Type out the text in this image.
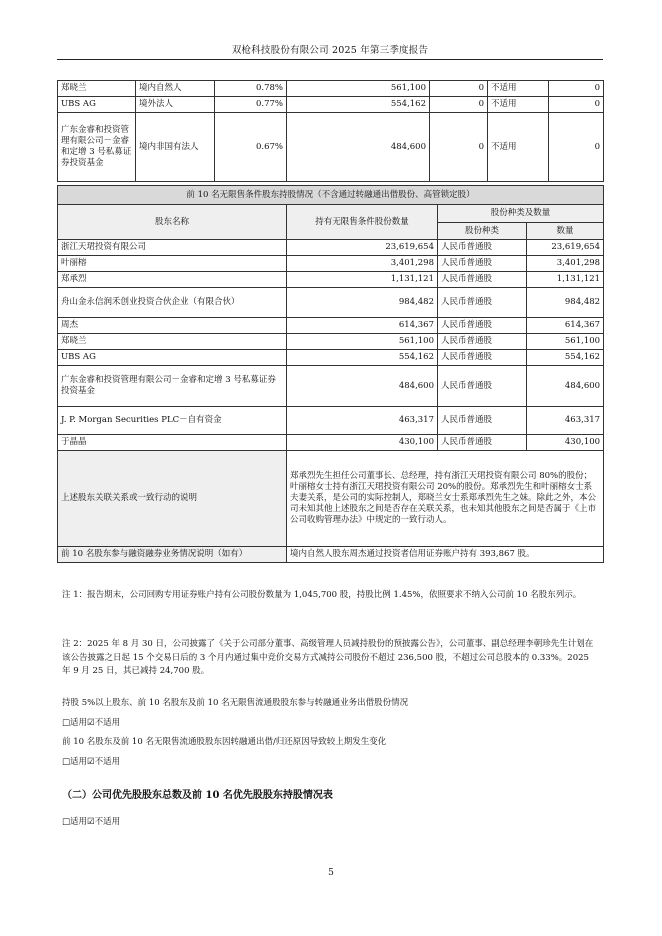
双枪科技股份有限公司 2025 年第三季度报告
郑晓兰	境内自然人	0.78%	561,100	0	不适用	0
UBS AG	境外法人	0.77%	554,162	0	不适用	0
广东金睿和投资管理有限公司－金睿和定增 3 号私募证券投资基金	境内非国有法人	0.67%	484,600	0	不适用	0
前 10 名无限售条件股东持股情况（不含通过转融通出借股份、高管锁定股）			
股东名称	持有无限售条件股份数量	股份种类及数量	
		股份种类	数量
浙江天珺投资有限公司	23,619,654	人民币普通股	23,619,654
叶丽榕	3,401,298	人民币普通股	3,401,298
郑承烈	1,131,121	人民币普通股	1,131,121
舟山金永信润禾创业投资合伙企业（有限合伙）	984,482	人民币普通股	984,482
周杰	614,367	人民币普通股	614,367
郑晓兰	561,100	人民币普通股	561,100
UBS AG	554,162	人民币普通股	554,162
广东金睿和投资管理有限公司－金睿和定增 3 号私募证券投资基金	484,600	人民币普通股	484,600
J. P. Morgan Securities PLC－自有资金	463,317	人民币普通股	463,317
于晶晶	430,100	人民币普通股	430,100
上述股东关联关系或一致行动的说明	郑承烈先生担任公司董事长、总经理，持有浙江天珺投资有限公司 80%的股份；叶丽榕女士持有浙江天珺投资有限公司 20%的股份。郑承烈先生和叶丽榕女士系夫妻关系，是公司的实际控制人，郑晓兰女士系郑承烈先生之妹。除此之外，本公司未知其他上述股东之间是否存在关联关系，也未知其他股东之间是否属于《上市公司收购管理办法》中规定的一致行动人。		
前 10 名股东参与融资融券业务情况说明（如有）	境内自然人股东周杰通过投资者信用证券账户持有 393,867 股。		
注 1：报告期末，公司回购专用证券账户持有公司股份数量为 1,045,700 股，持股比例 1.45%，依照要求不纳入公司前 10 名股东列示。
注 2：2025 年 8 月 30 日，公司披露了《关于公司部分董事、高级管理人员减持股份的预披露公告》，公司董事、副总经理李朝珍先生计划在该公告披露之日起 15 个交易日后的 3 个月内通过集中竞价交易方式减持公司股份不超过 236,500 股，不超过公司总股本的 0.33%。2025 年 9 月 25 日，其已减持 24,700 股。
持股 5%以上股东、前 10 名股东及前 10 名无限售流通股股东参与转融通业务出借股份情况
□适用☑不适用
前 10 名股东及前 10 名无限售流通股股东因转融通出借/归还原因导致较上期发生变化
□适用☑不适用
（二）公司优先股股东总数及前 10 名优先股股东持股情况表
□适用☑不适用
5
